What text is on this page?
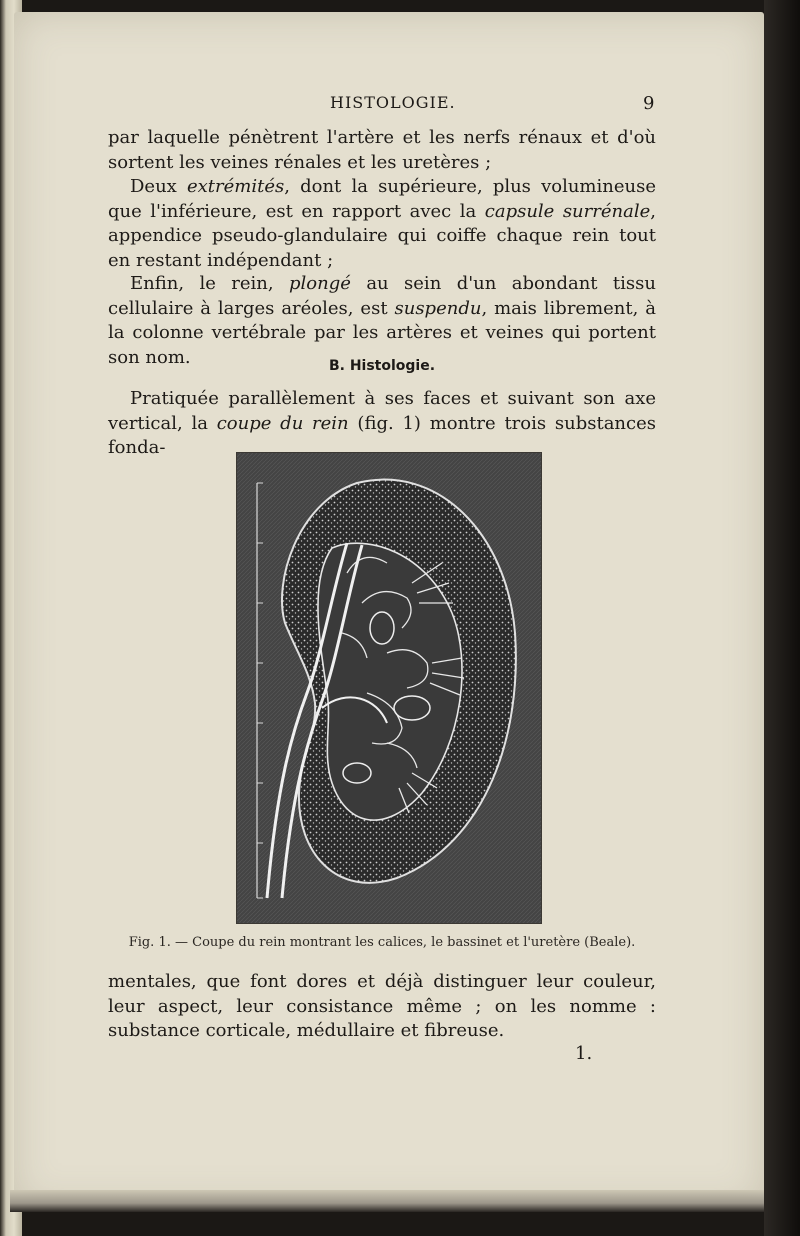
HISTOLOGIE.	9

par laquelle pénètrent l'artère et les nerfs rénaux et d'où sortent les veines rénales et les uretères ;

Deux extrémités, dont la supérieure, plus volumineuse que l'inférieure, est en rapport avec la capsule surrénale, appendice pseudo-glandulaire qui coiffe chaque rein tout en restant indépendant ;

Enfin, le rein, plongé au sein d'un abondant tissu cellulaire à larges aréoles, est suspendu, mais librement, à la colonne vertébrale par les artères et veines qui portent son nom.	B. Histologie.

Pratiquée parallèlement à ses faces et suivant son axe vertical, la coupe du rein (fig. 1) montre trois substances fonda-

Fig. 1. — Coupe du rein montrant les calices, le bassinet et l'uretère (Beale).

mentales, que font dores et déjà distinguer leur couleur, leur aspect, leur consistance même ; on les nomme : substance corticale, médullaire et fibreuse.

1.
